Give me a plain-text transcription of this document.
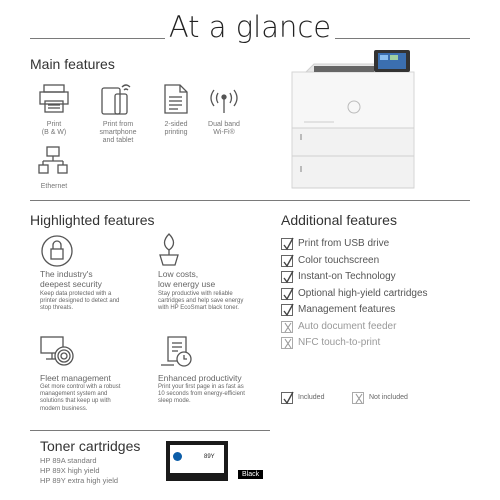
At a glance
Main features
Print
(B & W)
Print from
smartphone
and tablet
2-sided
printing
Dual band
Wi-Fi®
Ethernet
Highlighted features
The industry's
deepest security
Keep data protected with a
printer designed to detect and
stop threats.
Low costs,
low energy use
Stay productive with reliable
cartridges and help save energy
with HP EcoSmart black toner.
Fleet management
Get more control with a robust
management system and
solutions that keep up with
modern business.
Enhanced productivity
Print your first page in as fast as
10 seconds from energy-efficient
sleep mode.
Additional features
Print from USB drive
Color touchscreen
Instant-on Technology
Optional high-yield cartridges
Management features
Auto document feeder
NFC touch-to-print
Included	Not included
Toner cartridges
HP 89A standard
HP 89X high yield
HP 89Y extra high yield
89Y
Black
